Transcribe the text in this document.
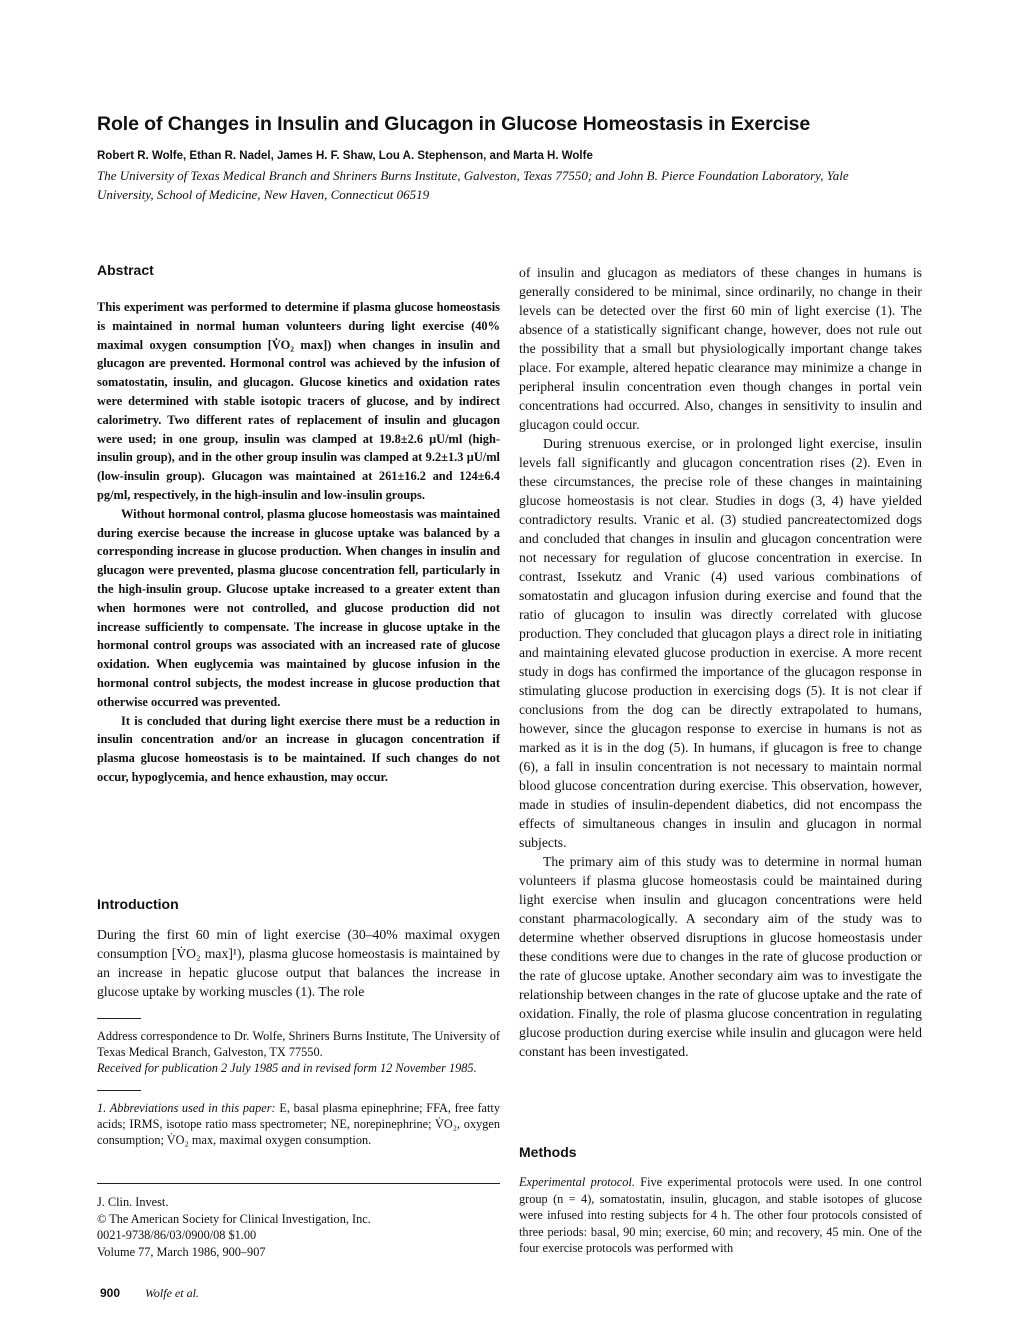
Role of Changes in Insulin and Glucagon in Glucose Homeostasis in Exercise

Robert R. Wolfe, Ethan R. Nadel, James H. F. Shaw, Lou A. Stephenson, and Marta H. Wolfe

The University of Texas Medical Branch and Shriners Burns Institute, Galveston, Texas 77550; and John B. Pierce Foundation Laboratory, Yale University, School of Medicine, New Haven, Connecticut 06519

Abstract

This experiment was performed to determine if plasma glucose homeostasis is maintained in normal human volunteers during light exercise (40% maximal oxygen consumption [V̇O₂ max]) when changes in insulin and glucagon are prevented. Hormonal control was achieved by the infusion of somatostatin, insulin, and glucagon. Glucose kinetics and oxidation rates were determined with stable isotopic tracers of glucose, and by indirect calorimetry. Two different rates of replacement of insulin and glucagon were used; in one group, insulin was clamped at 19.8±2.6 μU/ml (high-insulin group), and in the other group insulin was clamped at 9.2±1.3 μU/ml (low-insulin group). Glucagon was maintained at 261±16.2 and 124±6.4 pg/ml, respectively, in the high-insulin and low-insulin groups.

Without hormonal control, plasma glucose homeostasis was maintained during exercise because the increase in glucose uptake was balanced by a corresponding increase in glucose production. When changes in insulin and glucagon were prevented, plasma glucose concentration fell, particularly in the high-insulin group. Glucose uptake increased to a greater extent than when hormones were not controlled, and glucose production did not increase sufficiently to compensate. The increase in glucose uptake in the hormonal control groups was associated with an increased rate of glucose oxidation. When euglycemia was maintained by glucose infusion in the hormonal control subjects, the modest increase in glucose production that otherwise occurred was prevented.

It is concluded that during light exercise there must be a reduction in insulin concentration and/or an increase in glucagon concentration if plasma glucose homeostasis is to be maintained. If such changes do not occur, hypoglycemia, and hence exhaustion, may occur.

Introduction

During the first 60 min of light exercise (30–40% maximal oxygen consumption [V̇O₂ max]¹), plasma glucose homeostasis is maintained by an increase in hepatic glucose output that balances the increase in glucose uptake by working muscles (1). The role

Address correspondence to Dr. Wolfe, Shriners Burns Institute, The University of Texas Medical Branch, Galveston, TX 77550.

Received for publication 2 July 1985 and in revised form 12 November 1985.

1. Abbreviations used in this paper: E, basal plasma epinephrine; FFA, free fatty acids; IRMS, isotope ratio mass spectrometer; NE, norepinephrine; V̇O₂, oxygen consumption; V̇O₂ max, maximal oxygen consumption.

J. Clin. Invest.

© The American Society for Clinical Investigation, Inc.

0021-9738/86/03/0900/08 $1.00

Volume 77, March 1986, 900–907

of insulin and glucagon as mediators of these changes in humans is generally considered to be minimal, since ordinarily, no change in their levels can be detected over the first 60 min of light exercise (1). The absence of a statistically significant change, however, does not rule out the possibility that a small but physiologically important change takes place. For example, altered hepatic clearance may minimize a change in peripheral insulin concentration even though changes in portal vein concentrations had occurred. Also, changes in sensitivity to insulin and glucagon could occur.

During strenuous exercise, or in prolonged light exercise, insulin levels fall significantly and glucagon concentration rises (2). Even in these circumstances, the precise role of these changes in maintaining glucose homeostasis is not clear. Studies in dogs (3, 4) have yielded contradictory results. Vranic et al. (3) studied pancreatectomized dogs and concluded that changes in insulin and glucagon concentration were not necessary for regulation of glucose concentration in exercise. In contrast, Issekutz and Vranic (4) used various combinations of somatostatin and glucagon infusion during exercise and found that the ratio of glucagon to insulin was directly correlated with glucose production. They concluded that glucagon plays a direct role in initiating and maintaining elevated glucose production in exercise. A more recent study in dogs has confirmed the importance of the glucagon response in stimulating glucose production in exercising dogs (5). It is not clear if conclusions from the dog can be directly extrapolated to humans, however, since the glucagon response to exercise in humans is not as marked as it is in the dog (5). In humans, if glucagon is free to change (6), a fall in insulin concentration is not necessary to maintain normal blood glucose concentration during exercise. This observation, however, made in studies of insulin-dependent diabetics, did not encompass the effects of simultaneous changes in insulin and glucagon in normal subjects.

The primary aim of this study was to determine in normal human volunteers if plasma glucose homeostasis could be maintained during light exercise when insulin and glucagon concentrations were held constant pharmacologically. A secondary aim of the study was to determine whether observed disruptions in glucose homeostasis under these conditions were due to changes in the rate of glucose production or the rate of glucose uptake. Another secondary aim was to investigate the relationship between changes in the rate of glucose uptake and the rate of oxidation. Finally, the role of plasma glucose concentration in regulating glucose production during exercise while insulin and glucagon were held constant has been investigated.

Methods

Experimental protocol. Five experimental protocols were used. In one control group (n = 4), somatostatin, insulin, glucagon, and stable isotopes of glucose were infused into resting subjects for 4 h. The other four protocols consisted of three periods: basal, 90 min; exercise, 60 min; and recovery, 45 min. One of the four exercise protocols was performed with

900 Wolfe et al.
